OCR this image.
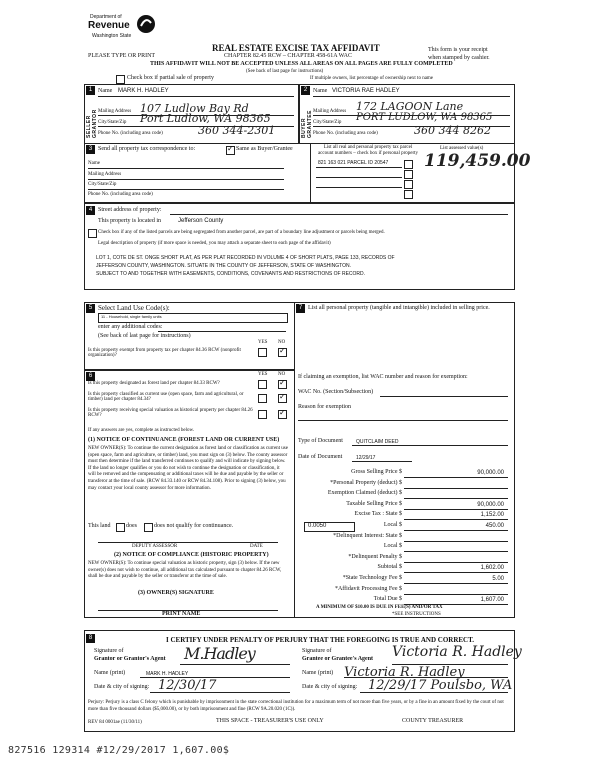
Department of
Revenue
Washington State
REAL ESTATE EXCISE TAX AFFIDAVIT
CHAPTER 82.45 RCW – CHAPTER 458-61A WAC
THIS AFFIDAVIT WILL NOT BE ACCEPTED UNLESS ALL AREAS ON ALL PAGES ARE FULLY COMPLETED
(See back of last page for instructions)
PLEASE TYPE OR PRINT
This form is your receipt
when stamped by cashier.
Check box if partial sale of property	If multiple owners, list percentage of ownership next to name
1	2
SELLER GRANTOR	BUYER GRANTEE
Name MARK H. HADLEY
Mailing Address 107 Ludlow Bay Rd
City/State/Zip Port Ludlow, WA 98365
Phone No. (including area code)	360 344-2301
Name VICTORIA RAE HADLEY
Mailing Address 172 LAGOON Lane
City/State/Zip PORT LUDLOW, WA 98365
Phone No. (including area code)	360 344 8262
3 Send all property tax correspondence to:
✓	Same as Buyer/Grantee
Name
Mailing Address
City/State/Zip
Phone No. (including area code)
List all real and personal property tax parcel account numbers – check box if personal property
821 163 021 PARCEL ID 20547
List assessed value(s)
119,459.00
4 Street address of property:
This property is located in	Jefferson County
Check box if any of the listed parcels are being segregated from another parcel, are part of a boundary line adjustment or parcels being merged.
Legal description of property (if more space is needed, you may attach a separate sheet to each page of the affidavit)
LOT 1, COTE DE ST. ONGE SHORT PLAT, AS PER PLAT RECORDED IN VOLUME 4 OF SHORT PLATS, PAGE 133, RECORDS OF
JEFFERSON COUNTY, WASHINGTON. SITUATE IN THE COUNTY OF JEFFERSON, STATE OF WASHINGTON.
SUBJECT TO AND TOGETHER WITH EASEMENTS, CONDITIONS, COVENANTS AND RESTRICTIONS OF RECORD.
5 Select Land Use Code(s):
11 - Household, single family units
enter any additional codes:
(See back of last page for instructions)
YES NO
Is this property exempt from property tax per chapter 84.36 RCW (nonprofit organization)?
✓
6	YES NO
Is this property designated as forest land per chapter 84.33 RCW?
✓
Is this property classified as current use (open space, farm and agricultural, or timber) land per chapter 84.34?
✓
Is this property receiving special valuation as historical property per chapter 84.26 RCW?
✓
If any answers are yes, complete as instructed below.
(1) NOTICE OF CONTINUANCE (FOREST LAND OR CURRENT USE)
NEW OWNER(S): To continue the current designation as forest land or classification as current use (open space, farm and agriculture, or timber) land, you must sign on (3) below. The county assessor must then determine if the land transferred continues to qualify and will indicate by signing below. If the land no longer qualifies or you do not wish to continue the designation or classification, it will be removed and the compensating or additional taxes will be due and payable by the seller or transferor at the time of sale. (RCW 84.33.140 or RCW 84.34.108). Prior to signing (3) below, you may contact your local county assessor for more information.
This land	does	does not qualify for continuance.
DEPUTY ASSESSOR	DATE
(2) NOTICE OF COMPLIANCE (HISTORIC PROPERTY)
NEW OWNER(S): To continue special valuation as historic property, sign (3) below. If the new owner(s) does not wish to continue, all additional tax calculated pursuant to chapter 84.26 RCW, shall be due and payable by the seller or transferor at the time of sale.
(3) OWNER(S) SIGNATURE
PRINT NAME
7 List all personal property (tangible and intangible) included in selling price.
If claiming an exemption, list WAC number and reason for exemption:
WAC No. (Section/Subsection)
Reason for exemption
Type of Document	QUITCLAIM DEED
Date of Document	12/29/17
Gross Selling Price $	90,000.00
*Personal Property (deduct) $
Exemption Claimed (deduct) $
Taxable Selling Price $	90,000.00
Excise Tax : State $	1,152.00
Local $	450.00
0.0050
*Delinquent Interest: State $
Local $
*Delinquent Penalty $
Subtotal $	1,602.00
*State Technology Fee $	5.00
*Affidavit Processing Fee $
Total Due $	1,607.00
A MINIMUM OF $10.00 IS DUE IN FEE(S) AND/OR TAX
*SEE INSTRUCTIONS
8	I CERTIFY UNDER PENALTY OF PERJURY THAT THE FOREGOING IS TRUE AND CORRECT.
Signature of
Grantor or Grantor's Agent M.Hadley
Name (print)	MARK H. HADLEY
Date & city of signing: 12/30/17
Signature of
Grantee or Grantee's Agent Victoria R. Hadley
Name (print) Victoria R. Hadley
Date & city of signing: 12/29/17 Poulsbo, WA
Perjury: Perjury is a class C felony which is punishable by imprisonment in the state correctional institution for a maximum term of not more than five years, or by a fine in an amount fixed by the court of not more than five thousand dollars ($5,000.00), or by both imprisonment and fine (RCW 9A.20.020 (1C)).
REV 84 0001ae (11/30/11)	THIS SPACE - TREASURER'S USE ONLY	COUNTY TREASURER
827516 129314 #12/29/2017 1,607.00$
